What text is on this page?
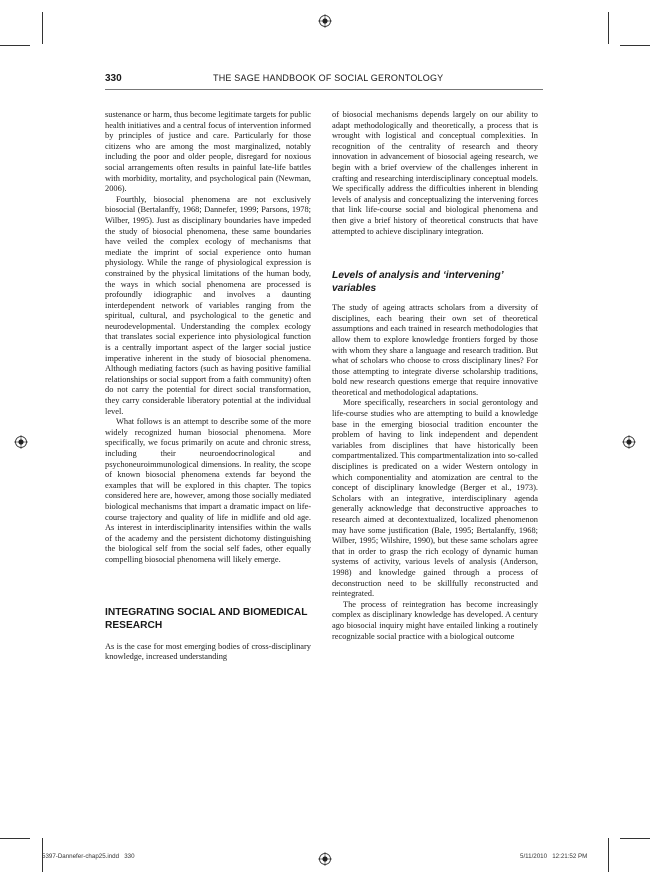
330	THE SAGE HANDBOOK OF SOCIAL GERONTOLOGY

sustenance or harm, thus become legitimate targets for public health initiatives and a central focus of intervention informed by principles of justice and care. Particularly for those citizens who are among the most marginalized, notably including the poor and older people, disregard for noxious social arrangements often results in painful late-life battles with morbidity, mortality, and psychological pain (Newman, 2006).

Fourthly, biosocial phenomena are not exclusively biosocial (Bertalanffy, 1968; Dannefer, 1999; Parsons, 1978; Wilber, 1995). Just as disciplinary boundaries have impeded the study of biosocial phenomena, these same boundaries have veiled the complex ecology of mechanisms that mediate the imprint of social experience onto human physiology. While the range of physiological expression is constrained by the physical limitations of the human body, the ways in which social phenomena are processed is profoundly idiographic and involves a daunting interdependent network of variables ranging from the spiritual, cultural, and psychological to the genetic and neurodevelopmental. Understanding the complex ecology that translates social experience into physiological function is a centrally important aspect of the larger social justice imperative inherent in the study of biosocial phenomena. Although mediating factors (such as having positive familial relationships or social support from a faith community) often do not carry the potential for direct social transformation, they carry considerable liberatory potential at the individual level.

What follows is an attempt to describe some of the more widely recognized human biosocial phenomena. More specifically, we focus primarily on acute and chronic stress, including their neuroendocrinological and psychoneuroimmunological dimensions. In reality, the scope of known biosocial phenomena extends far beyond the examples that will be explored in this chapter. The topics considered here are, however, among those socially mediated biological mechanisms that impart a dramatic impact on life-course trajectory and quality of life in midlife and old age. As interest in interdisciplinarity intensifies within the walls of the academy and the persistent dichotomy distinguishing the biological self from the social self fades, other equally compelling biosocial phenomena will likely emerge.

INTEGRATING SOCIAL AND BIOMEDICAL RESEARCH

As is the case for most emerging bodies of cross-disciplinary knowledge, increased understanding

of biosocial mechanisms depends largely on our ability to adapt methodologically and theoretically, a process that is wrought with logistical and conceptual complexities. In recognition of the centrality of research and theory innovation in advancement of biosocial ageing research, we begin with a brief overview of the challenges inherent in crafting and researching interdisciplinary conceptual models. We specifically address the difficulties inherent in blending levels of analysis and conceptualizing the intervening forces that link life-course social and biological phenomena and then give a brief history of theoretical constructs that have attempted to achieve disciplinary integration.

Levels of analysis and ‘intervening’ variables

The study of ageing attracts scholars from a diversity of disciplines, each bearing their own set of theoretical assumptions and each trained in research methodologies that allow them to explore knowledge frontiers forged by those with whom they share a language and research tradition. But what of scholars who choose to cross disciplinary lines? For those attempting to integrate diverse scholarship traditions, bold new research questions emerge that require innovative theoretical and methodological adaptations.

More specifically, researchers in social gerontology and life-course studies who are attempting to build a knowledge base in the emerging biosocial tradition encounter the problem of having to link independent and dependent variables from disciplines that have historically been compartmentalized. This compartmentalization into so-called disciplines is predicated on a wider Western ontology in which componentiality and atomization are central to the concept of disciplinary knowledge (Berger et al., 1973). Scholars with an integrative, interdisciplinary agenda generally acknowledge that deconstructive approaches to research aimed at decontextualized, localized phenomenon may have some justification (Bale, 1995; Bertalanffy, 1968; Wilber, 1995; Wilshire, 1990), but these same scholars agree that in order to grasp the rich ecology of dynamic human systems of activity, various levels of analysis (Anderson, 1998) and knowledge gained through a process of deconstruction need to be skillfully reconstructed and reintegrated.

The process of reintegration has become increasingly complex as disciplinary knowledge has developed. A century ago biosocial inquiry might have entailed linking a routinely recognizable social practice with a biological outcome

5397-Dannefer-chap25.indd   330	5/11/2010   12:21:52 PM
